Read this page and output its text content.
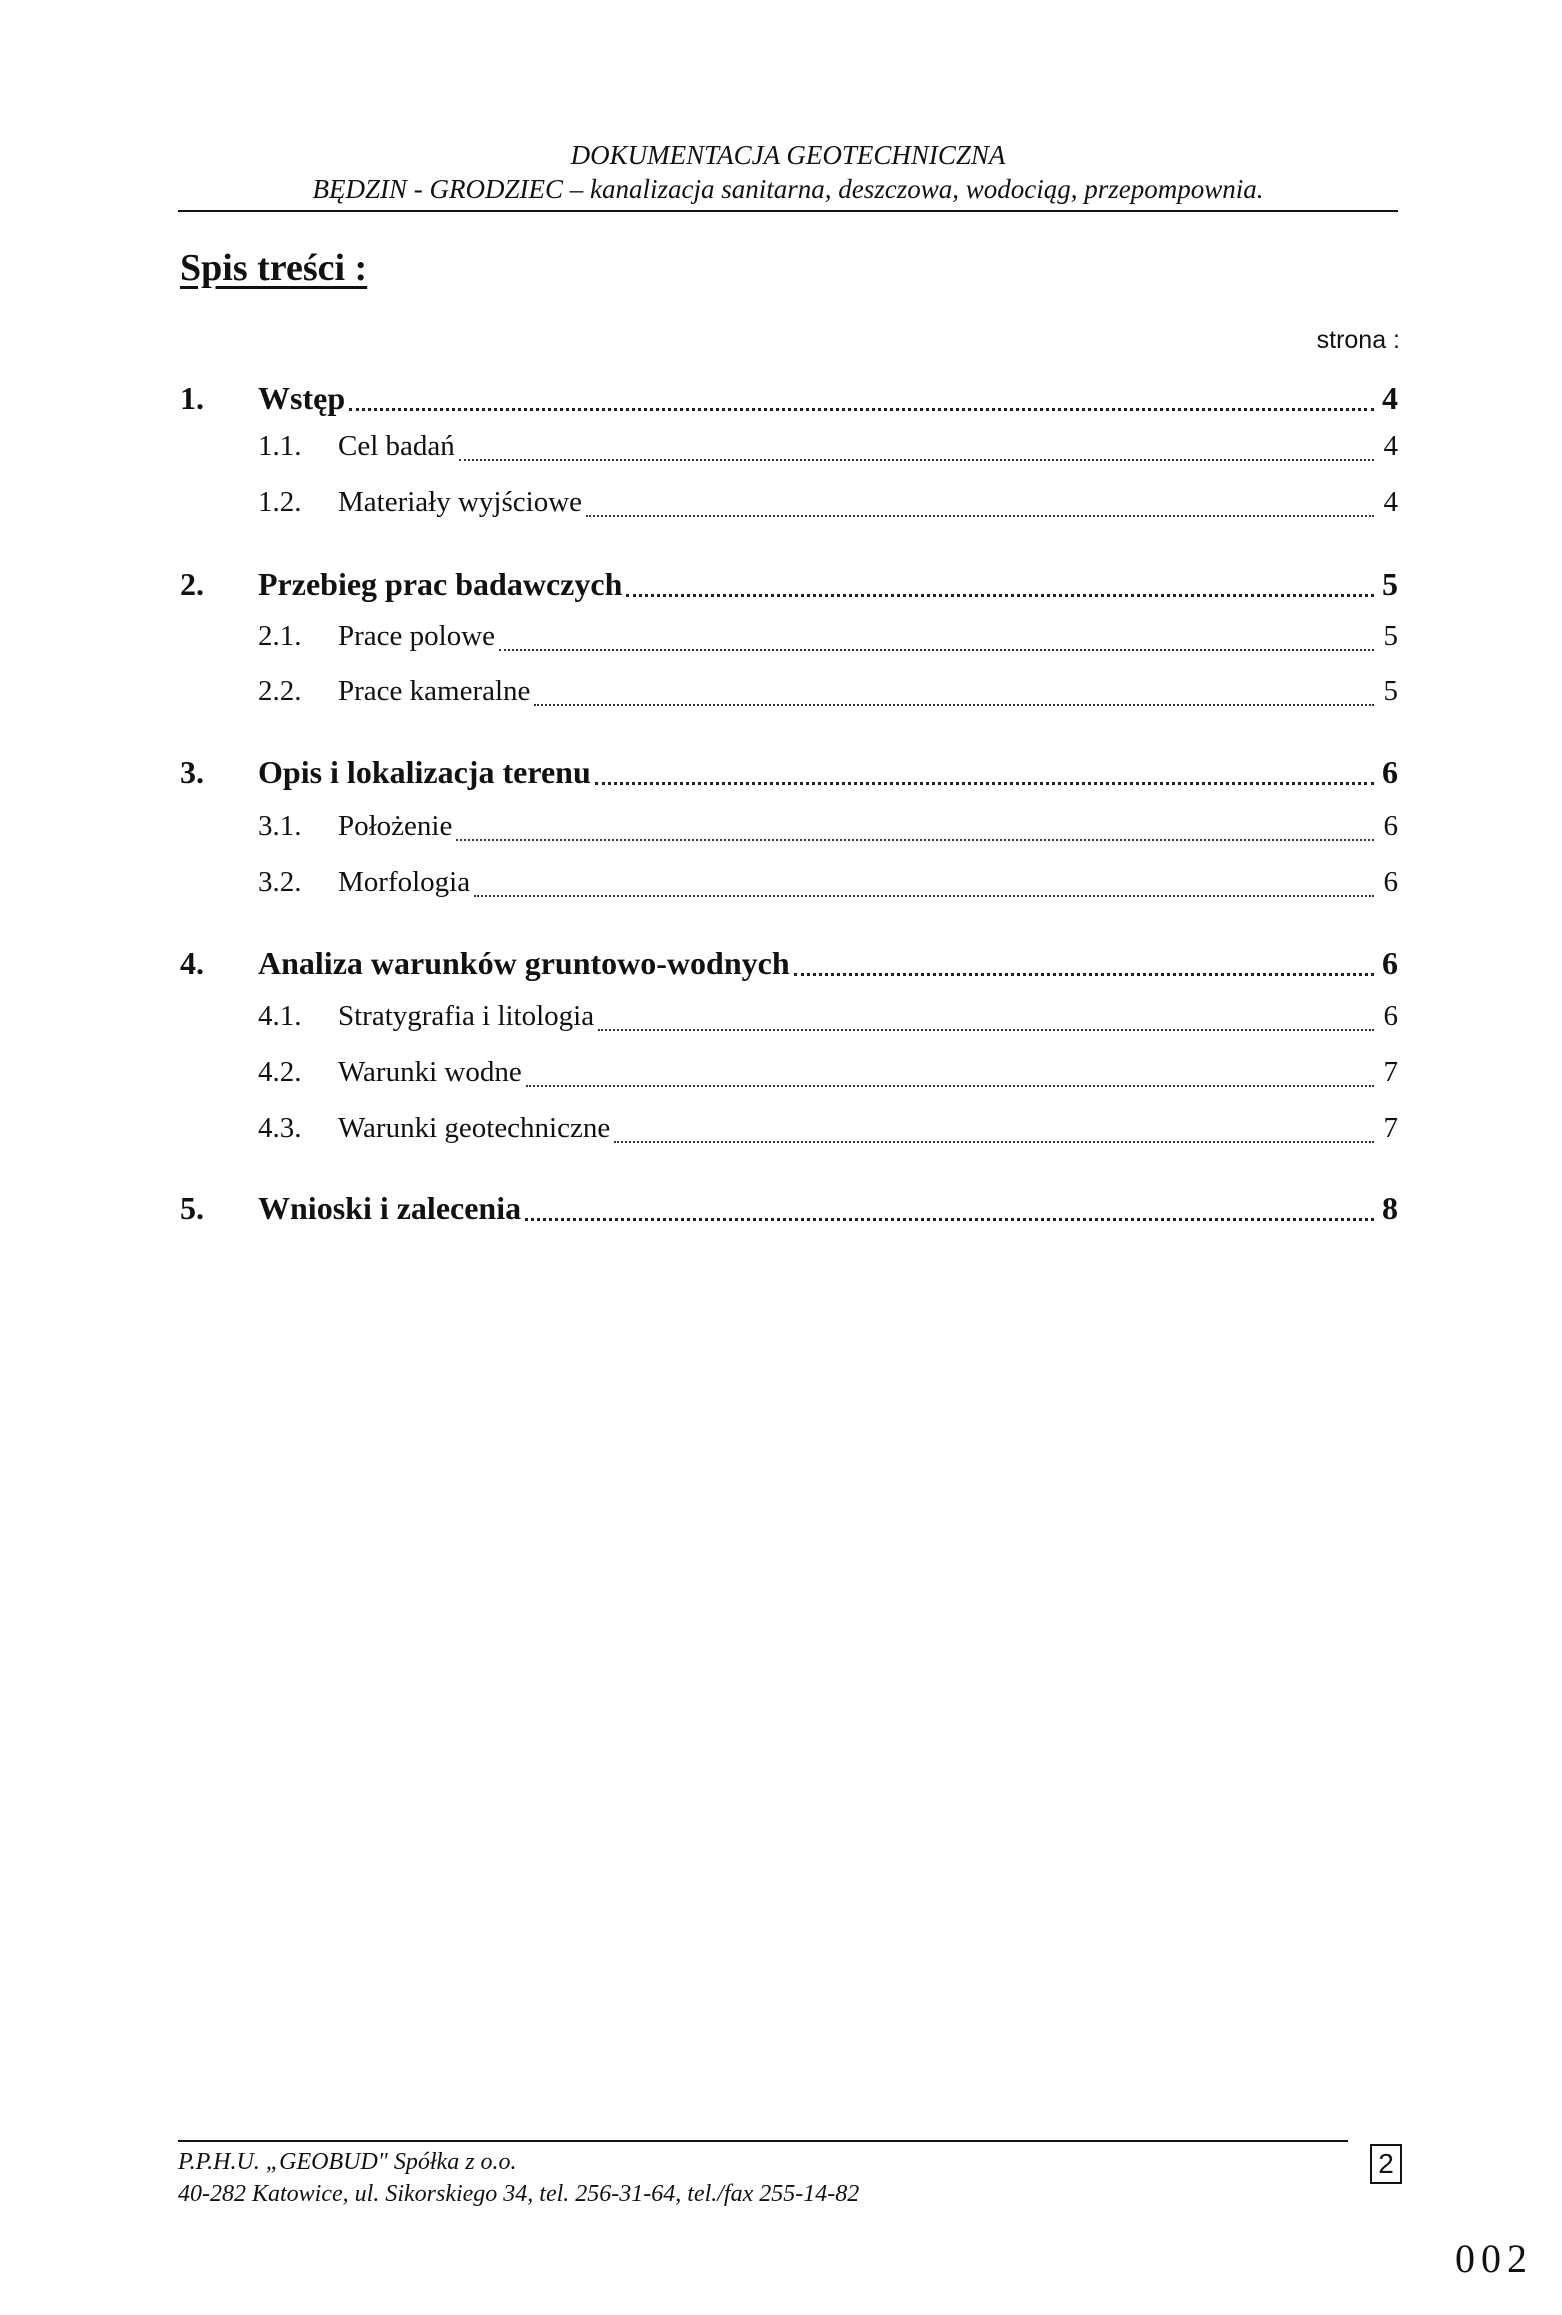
DOKUMENTACJA GEOTECHNICZNA
BĘDZIN - GRODZIEC – kanalizacja sanitarna, deszczowa, wodociąg, przepompownia.
Spis treści :
strona :
1.	Wstęp	4
1.1.	Cel badań	4
1.2.	Materiały wyjściowe	4
2.	Przebieg prac badawczych	5
2.1.	Prace polowe	5
2.2.	Prace kameralne	5
3.	Opis i lokalizacja terenu	6
3.1.	Położenie	6
3.2.	Morfologia	6
4.	Analiza warunków gruntowo-wodnych	6
4.1.	Stratygrafia i litologia	6
4.2.	Warunki wodne	7
4.3.	Warunki geotechniczne	7
5.	Wnioski i zalecenia	8
P.P.H.U. „GEOBUD" Spółka z o.o.
40-282 Katowice, ul. Sikorskiego 34, tel. 256-31-64, tel./fax 255-14-82
2
002
